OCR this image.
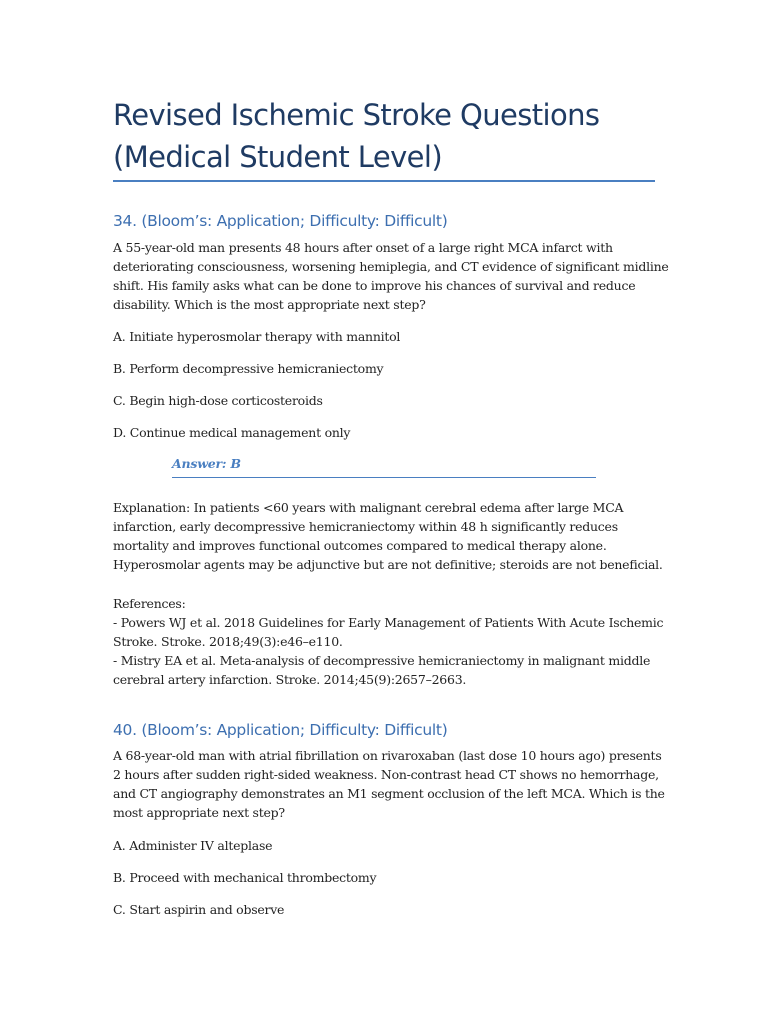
Revised Ischemic Stroke Questions
(Medical Student Level)
34. (Bloom’s: Application; Difficulty: Difficult)

A 55-year-old man presents 48 hours after onset of a large right MCA infarct with
deteriorating consciousness, worsening hemiplegia, and CT evidence of significant midline
shift. His family asks what can be done to improve his chances of survival and reduce
disability. Which is the most appropriate next step?

A. Initiate hyperosmolar therapy with mannitol

B. Perform decompressive hemicraniectomy

C. Begin high-dose corticosteroids

D. Continue medical management only

Answer: B

Explanation: In patients <60 years with malignant cerebral edema after large MCA
infarction, early decompressive hemicraniectomy within 48 h significantly reduces
mortality and improves functional outcomes compared to medical therapy alone.
Hyperosmolar agents may be adjunctive but are not definitive; steroids are not beneficial.

References:
- Powers WJ et al. 2018 Guidelines for Early Management of Patients With Acute Ischemic
Stroke. Stroke. 2018;49(3):e46–e110.
- Mistry EA et al. Meta-analysis of decompressive hemicraniectomy in malignant middle
cerebral artery infarction. Stroke. 2014;45(9):2657–2663.

40. (Bloom’s: Application; Difficulty: Difficult)

A 68-year-old man with atrial fibrillation on rivaroxaban (last dose 10 hours ago) presents
2 hours after sudden right-sided weakness. Non-contrast head CT shows no hemorrhage,
and CT angiography demonstrates an M1 segment occlusion of the left MCA. Which is the
most appropriate next step?

A. Administer IV alteplase

B. Proceed with mechanical thrombectomy

C. Start aspirin and observe
